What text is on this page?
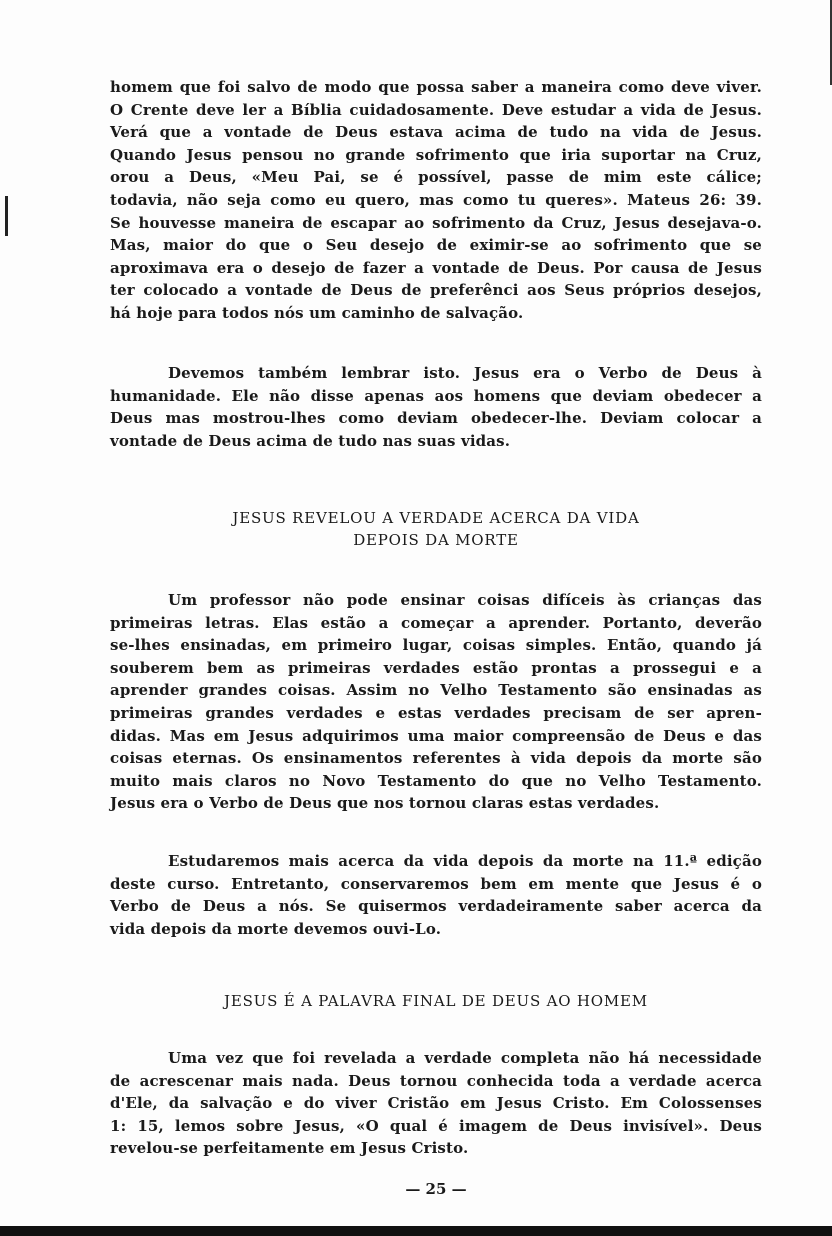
homem que foi salvo de modo que possa saber a maneira como deve viver.
O Crente deve ler a Bíblia cuidadosamente. Deve estudar a vida de Jesus.
Verá que a vontade de Deus estava acima de tudo na vida de Jesus.
Quando Jesus pensou no grande sofrimento que iria suportar na Cruz,
orou a Deus, «Meu Pai, se é possível, passe de mim este cálice;
todavia, não seja como eu quero, mas como tu queres». Mateus 26: 39.
Se houvesse maneira de escapar ao sofrimento da Cruz, Jesus desejava-o.
Mas, maior do que o Seu desejo de eximir-se ao sofrimento que se
aproximava era o desejo de fazer a vontade de Deus. Por causa de Jesus
ter colocado a vontade de Deus de preferênci aos Seus próprios desejos,
há hoje para todos nós um caminho de salvação.
Devemos também lembrar isto. Jesus era o Verbo de Deus à
humanidade. Ele não disse apenas aos homens que deviam obedecer a
Deus mas mostrou-lhes como deviam obedecer-lhe. Deviam colocar a
vontade de Deus acima de tudo nas suas vidas.
JESUS REVELOU A VERDADE ACERCA DA VIDA
DEPOIS DA MORTE
Um professor não pode ensinar coisas difíceis às crianças das
primeiras letras. Elas estão a começar a aprender. Portanto, deverão
se-lhes ensinadas, em primeiro lugar, coisas simples. Então, quando já
souberem bem as primeiras verdades estão prontas a prossegui e a
aprender grandes coisas. Assim no Velho Testamento são ensinadas as
primeiras grandes verdades e estas verdades precisam de ser apren-
didas. Mas em Jesus adquirimos uma maior compreensão de Deus e das
coisas eternas. Os ensinamentos referentes à vida depois da morte são
muito mais claros no Novo Testamento do que no Velho Testamento.
Jesus era o Verbo de Deus que nos tornou claras estas verdades.
Estudaremos mais acerca da vida depois da morte na 11.ª edição
deste curso. Entretanto, conservaremos bem em mente que Jesus é o
Verbo de Deus a nós. Se quisermos verdadeiramente saber acerca da
vida depois da morte devemos ouvi-Lo.
JESUS É A PALAVRA FINAL DE DEUS AO HOMEM
Uma vez que foi revelada a verdade completa não há necessidade
de acrescenar mais nada. Deus tornou conhecida toda a verdade acerca
d'Ele, da salvação e do viver Cristão em Jesus Cristo. Em Colossenses
1: 15, lemos sobre Jesus, «O qual é imagem de Deus invisível». Deus
revelou-se perfeitamente em Jesus Cristo.
— 25 —
